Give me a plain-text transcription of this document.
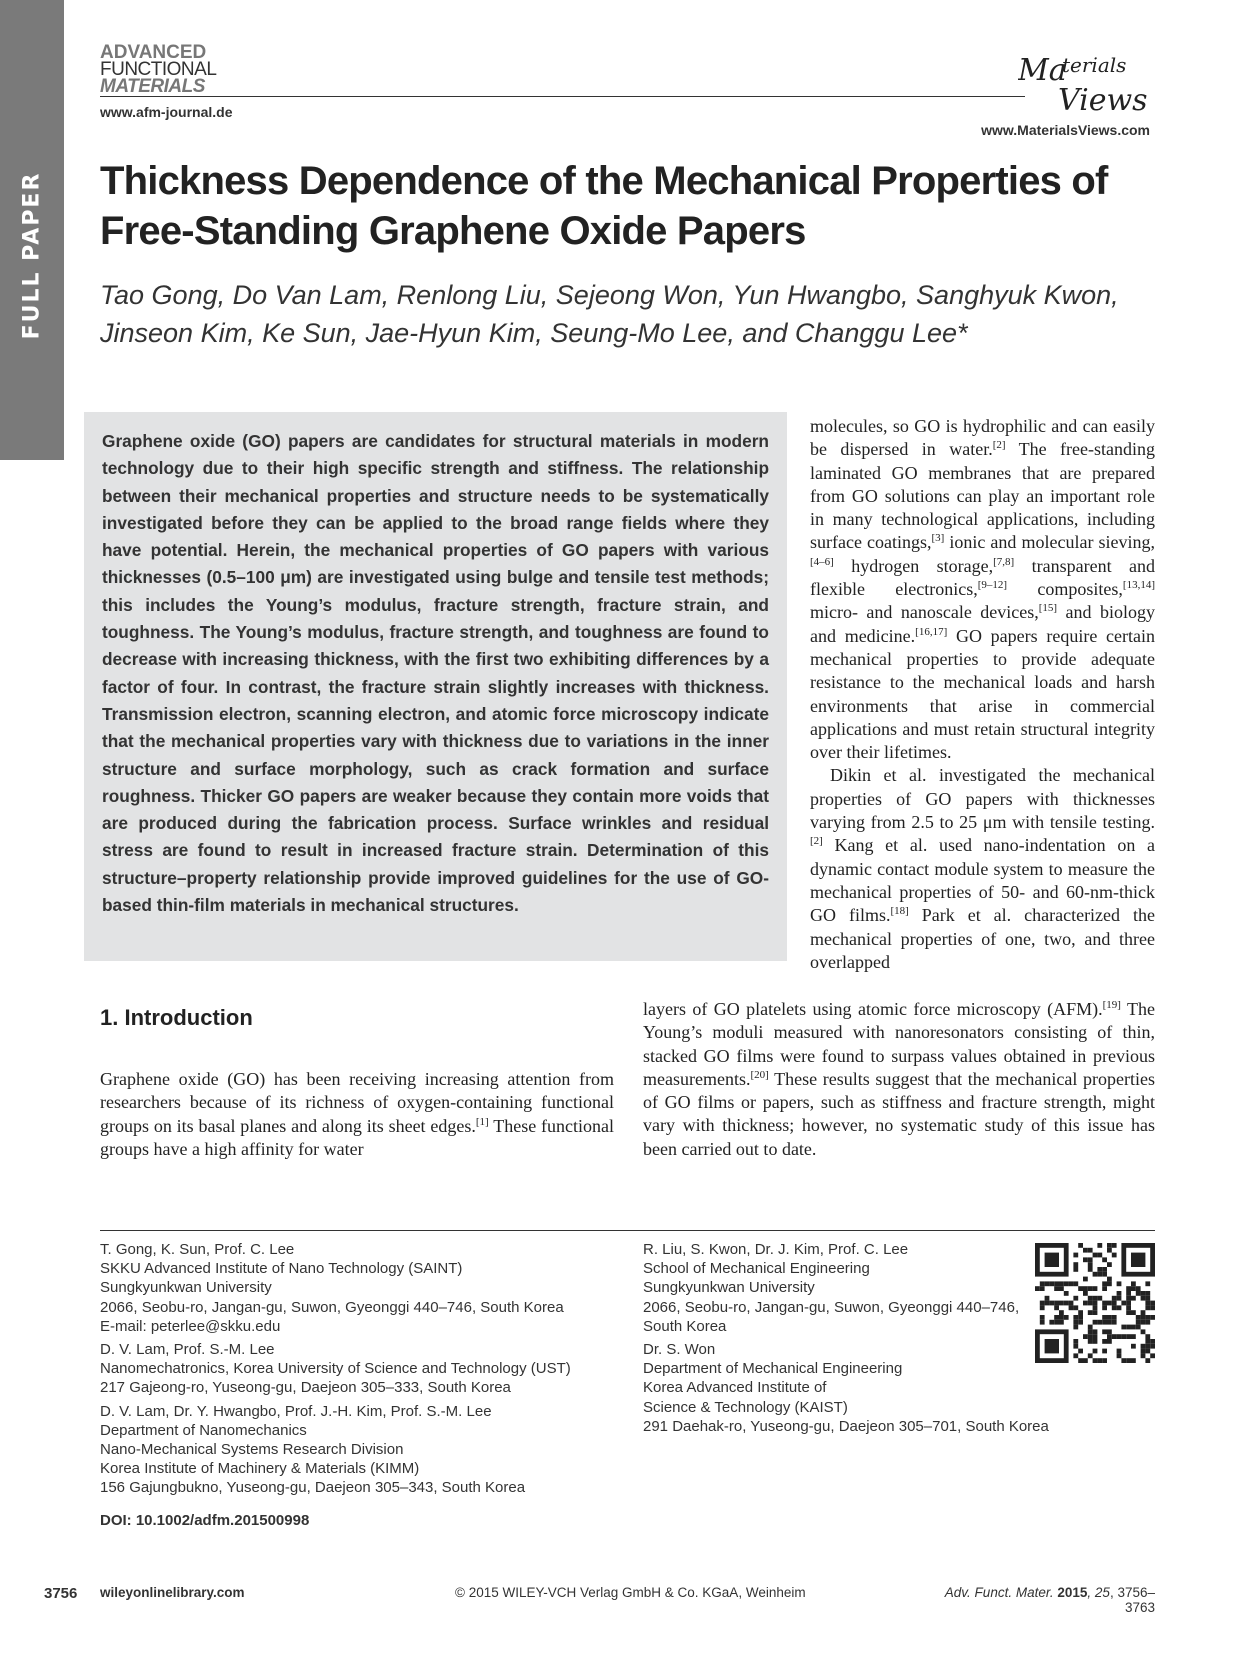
FULL PAPER
ADVANCED
FUNCTIONAL
MATERIALS
www.afm-journal.de
Ma
terials
Views
www.MaterialsViews.com
Thickness Dependence of the Mechanical Properties of
Free-Standing Graphene Oxide Papers
Tao Gong, Do Van Lam, Renlong Liu, Sejeong Won, Yun Hwangbo, Sanghyuk Kwon,
Jinseon Kim, Ke Sun, Jae-Hyun Kim, Seung-Mo Lee, and Changgu Lee*
Graphene oxide (GO) papers are candidates for structural materials in modern technology due to their high specific strength and stiffness. The relationship between their mechanical properties and structure needs to be systematically investigated before they can be applied to the broad range fields where they have potential. Herein, the mechanical properties of GO papers with various thicknesses (0.5–100 μm) are investigated using bulge and tensile test methods; this includes the Young’s modulus, fracture strength, fracture strain, and toughness. The Young’s modulus, fracture strength, and toughness are found to decrease with increasing thickness, with the first two exhibiting differences by a factor of four. In contrast, the fracture strain slightly increases with thickness. Transmission electron, scanning electron, and atomic force microscopy indicate that the mechanical properties vary with thickness due to variations in the inner structure and surface morphology, such as crack formation and surface roughness. Thicker GO papers are weaker because they contain more voids that are produced during the fabrication process. Surface wrinkles and residual stress are found to result in increased fracture strain. Determination of this structure–property relationship provide improved guidelines for the use of GO-based thin-film materials in mechanical structures.

molecules, so GO is hydrophilic and can easily be dispersed in water.[2] The free-standing laminated GO membranes that are prepared from GO solutions can play an important role in many technological applications, including surface coatings,[3] ionic and molecular sieving,[4–6] hydrogen storage,[7,8] transparent and flexible electronics,[9–12] composites,[13,14] micro- and nanoscale devices,[15] and biology and medicine.[16,17] GO papers require certain mechanical properties to provide adequate resistance to the mechanical loads and harsh environments that arise in commercial applications and must retain structural integrity over their lifetimes.

Dikin et al. investigated the mechanical properties of GO papers with thicknesses varying from 2.5 to 25 μm with tensile testing.[2] Kang et al. used nano-indentation on a dynamic contact module system to measure the mechanical properties of 50- and 60-nm-thick GO films.[18] Park et al. characterized the mechanical properties of one, two, and three overlapped

1. Introduction
Graphene oxide (GO) has been receiving increasing attention from researchers because of its richness of oxygen-containing functional groups on its basal planes and along its sheet edges.[1] These functional groups have a high affinity for water

layers of GO platelets using atomic force microscopy (AFM).[19] The Young’s moduli measured with nanoresonators consisting of thin, stacked GO films were found to surpass values obtained in previous measurements.[20] These results suggest that the mechanical properties of GO films or papers, such as stiffness and fracture strength, might vary with thickness; however, no systematic study of this issue has been carried out to date.

T. Gong, K. Sun, Prof. C. Lee
SKKU Advanced Institute of Nano Technology (SAINT)
Sungkyunkwan University
2066, Seobu-ro, Jangan-gu, Suwon, Gyeonggi 440–746, South Korea
E-mail: peterlee@skku.edu
D. V. Lam, Prof. S.-M. Lee
Nanomechatronics, Korea University of Science and Technology (UST)
217 Gajeong-ro, Yuseong-gu, Daejeon 305–333, South Korea
D. V. Lam, Dr. Y. Hwangbo, Prof. J.-H. Kim, Prof. S.-M. Lee
Department of Nanomechanics
Nano-Mechanical Systems Research Division
Korea Institute of Machinery & Materials (KIMM)
156 Gajungbukno, Yuseong-gu, Daejeon 305–343, South Korea
R. Liu, S. Kwon, Dr. J. Kim, Prof. C. Lee
School of Mechanical Engineering
Sungkyunkwan University
2066, Seobu-ro, Jangan-gu, Suwon, Gyeonggi 440–746,
South Korea
Dr. S. Won
Department of Mechanical Engineering
Korea Advanced Institute of
Science & Technology (KAIST)
291 Daehak-ro, Yuseong-gu, Daejeon 305–701, South Korea
DOI: 10.1002/adfm.201500998
3756 wileyonlinelibrary.com	© 2015 WILEY-VCH Verlag GmbH & Co. KGaA, Weinheim	Adv. Funct. Mater. 2015, 25, 3756–3763
